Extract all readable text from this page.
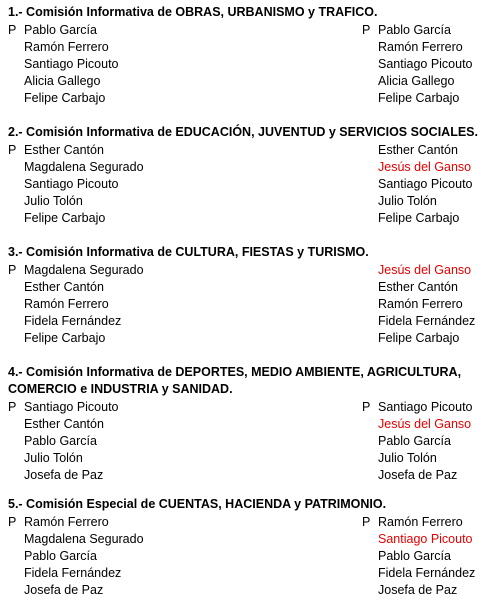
1.- Comisión Informativa de OBRAS, URBANISMO y TRAFICO.
P Pablo García	P Pablo García
Ramón Ferrero	Ramón Ferrero
Santiago Picouto	Santiago Picouto
Alicia Gallego	Alicia Gallego
Felipe Carbajo	Felipe Carbajo
2.- Comisión Informativa de EDUCACIÓN, JUVENTUD y SERVICIOS SOCIALES.
P Esther Cantón	Esther Cantón
Magdalena Segurado	Jesús del Ganso
Santiago Picouto	Santiago Picouto
Julio Tolón	Julio Tolón
Felipe Carbajo	Felipe Carbajo
3.- Comisión Informativa de CULTURA, FIESTAS y TURISMO.
P Magdalena Segurado	Jesús del Ganso
Esther Cantón	Esther Cantón
Ramón Ferrero	Ramón Ferrero
Fidela Fernández	Fidela Fernández
Felipe Carbajo	Felipe Carbajo
4.- Comisión Informativa de DEPORTES, MEDIO AMBIENTE, AGRICULTURA, COMERCIO e INDUSTRIA y SANIDAD.
P Santiago Picouto	P Santiago Picouto
Esther Cantón	Jesús del Ganso
Pablo García	Pablo García
Julio Tolón	Julio Tolón
Josefa de Paz	Josefa de Paz
5.- Comisión Especial de CUENTAS, HACIENDA y PATRIMONIO.
P Ramón Ferrero	P Ramón Ferrero
Magdalena Segurado	Santiago Picouto
Pablo García	Pablo García
Fidela Fernández	Fidela Fernández
Josefa de Paz	Josefa de Paz
